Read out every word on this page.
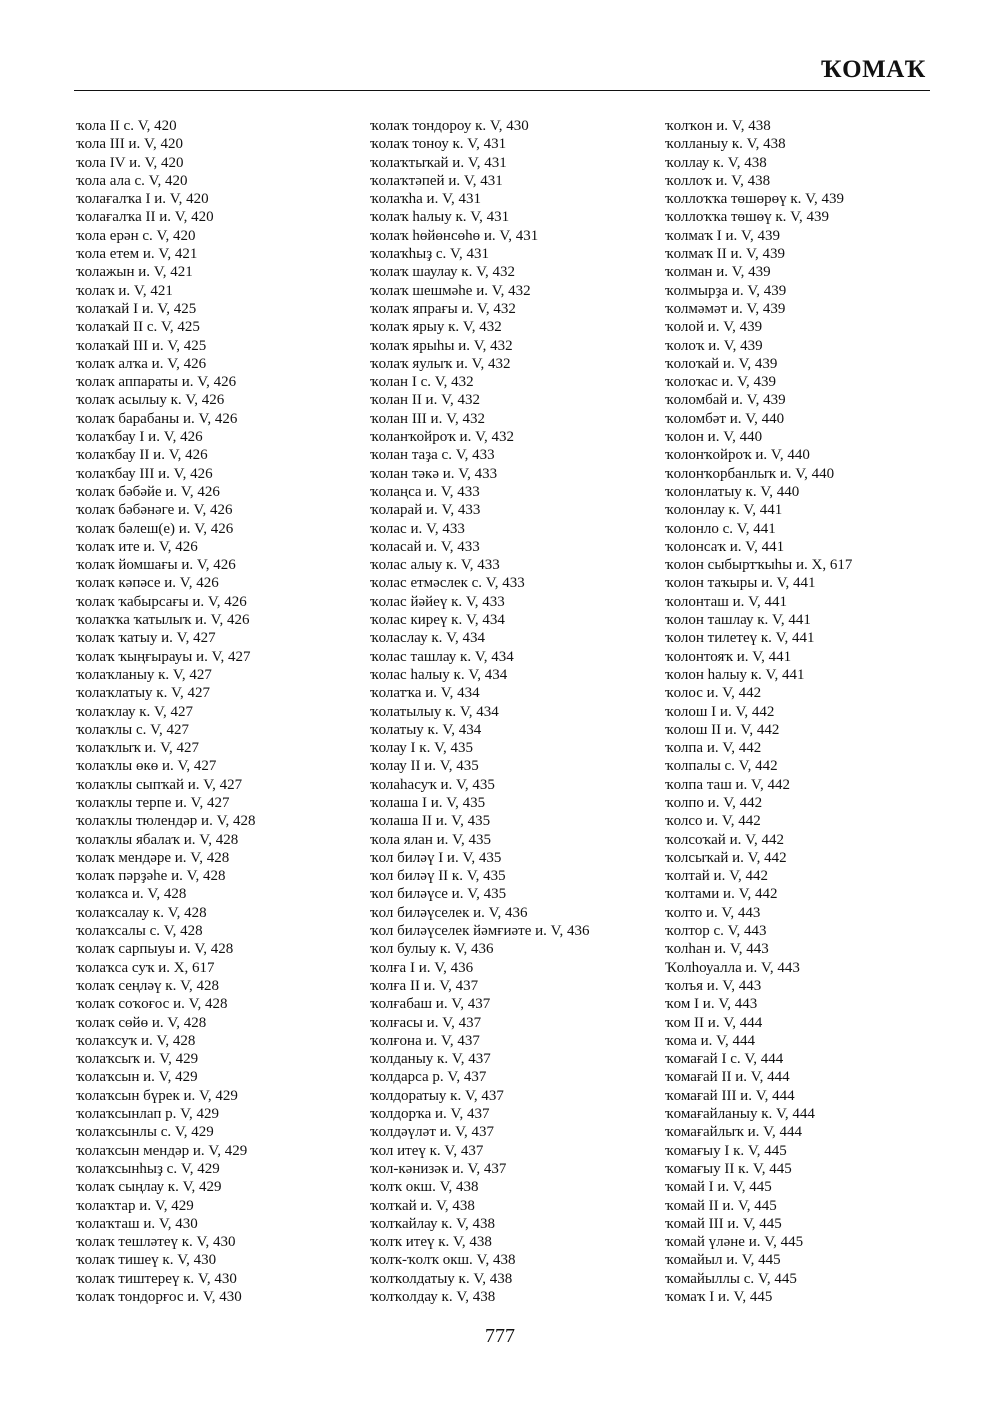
ҠОМАҠ
ҡола II с. V, 420
ҡола III и. V, 420
ҡола IV и. V, 420
ҡола ала с. V, 420
ҡолағалҡа I и. V, 420
ҡолағалҡа II и. V, 420
ҡола ерән с. V, 420
ҡола етем и. V, 421
ҡолажын и. V, 421
ҡолаҡ и. V, 421
ҡолаҡай I и. V, 425
ҡолаҡай II с. V, 425
ҡолаҡай III и. V, 425
ҡолаҡ алҡа и. V, 426
ҡолаҡ аппараты и. V, 426
ҡолаҡ асылыу к. V, 426
ҡолаҡ барабаны и. V, 426
ҡолаҡбау I и. V, 426
ҡолаҡбау II и. V, 426
ҡолаҡбау III и. V, 426
ҡолаҡ бәбәйе и. V, 426
ҡолаҡ бәбәнәге и. V, 426
ҡолаҡ бәлеш(е) и. V, 426
ҡолаҡ ите и. V, 426
ҡолаҡ йомшағы и. V, 426
ҡолаҡ кәпәсе и. V, 426
ҡолаҡ ҡабырсағы и. V, 426
ҡолаҡҡа ҡатылыҡ и. V, 426
ҡолаҡ ҡатыу и. V, 427
ҡолаҡ ҡыңғырауы и. V, 427
ҡолаҡланыу к. V, 427
ҡолаҡлатыу к. V, 427
ҡолаҡлау к. V, 427
ҡолаҡлы с. V, 427
ҡолаҡлыҡ и. V, 427
ҡолаҡлы өкө и. V, 427
ҡолаҡлы сыпҡай и. V, 427
ҡолаҡлы терпе и. V, 427
ҡолаҡлы тюлендәр и. V, 428
ҡолаҡлы ябалаҡ и. V, 428
ҡолаҡ мендәре и. V, 428
ҡолаҡ пәрҙәһе и. V, 428
ҡолаҡса и. V, 428
ҡолаҡсалау к. V, 428
ҡолаҡсалы с. V, 428
ҡолаҡ сарпыуы и. V, 428
ҡолаҡса суҡ и. X, 617
ҡолаҡ сеңләү к. V, 428
ҡолаҡ соҡоғос и. V, 428
ҡолаҡ сөйө и. V, 428
ҡолаҡсуҡ и. V, 428
ҡолаҡсыҡ и. V, 429
ҡолаҡсын и. V, 429
ҡолаҡсын бүрек и. V, 429
ҡолаҡсынлап р. V, 429
ҡолаҡсынлы с. V, 429
ҡолаҡсын мендәр и. V, 429
ҡолаҡсынһыҙ с. V, 429
ҡолаҡ сыңлау к. V, 429
ҡолаҡтар и. V, 429
ҡолаҡташ и. V, 430
ҡолаҡ тешләтеү к. V, 430
ҡолаҡ тишеү к. V, 430
ҡолаҡ тиштереү к. V, 430
ҡолаҡ тондорғос и. V, 430
ҡолаҡ тондороу к. V, 430
ҡолаҡ тоноу к. V, 431
ҡолаҡтыҡай и. V, 431
ҡолаҡтәпей и. V, 431
ҡолаҡһа и. V, 431
ҡолаҡ һалыу к. V, 431
ҡолаҡ һөйөнсөһө и. V, 431
ҡолаҡһыҙ с. V, 431
ҡолаҡ шаулау к. V, 432
ҡолаҡ шешмәһе и. V, 432
ҡолаҡ япрағы и. V, 432
ҡолаҡ ярыу к. V, 432
ҡолаҡ ярыһы и. V, 432
ҡолаҡ яулыҡ и. V, 432
ҡолан I с. V, 432
ҡолан II и. V, 432
ҡолан III и. V, 432
ҡоланҡойроҡ и. V, 432
ҡолан таҙа с. V, 433
ҡолан тәкә и. V, 433
ҡолаңса и. V, 433
ҡоларай и. V, 433
ҡолас и. V, 433
ҡоласай и. V, 433
ҡолас алыу к. V, 433
ҡолас етмәслек с. V, 433
ҡолас йәйеү к. V, 433
ҡолас киреү к. V, 434
ҡоласлау к. V, 434
ҡолас ташлау к. V, 434
ҡолас һалыу к. V, 434
ҡолатҡа и. V, 434
ҡолатылыу к. V, 434
ҡолатыу к. V, 434
ҡолау I к. V, 435
ҡолау II и. V, 435
ҡолаһасуҡ и. V, 435
ҡолаша I и. V, 435
ҡолаша II и. V, 435
ҡола ялан и. V, 435
ҡол биләү I и. V, 435
ҡол биләү II к. V, 435
ҡол биләүсе и. V, 435
ҡол биләүселек и. V, 436
ҡол биләүселек йәмғиәте и. V, 436
ҡол булыу к. V, 436
ҡолға I и. V, 436
ҡолға II и. V, 437
ҡолғабаш и. V, 437
ҡолғасы и. V, 437
ҡолғона и. V, 437
ҡолданыу к. V, 437
ҡолдарса р. V, 437
ҡолдоратыу к. V, 437
ҡолдорҡа и. V, 437
ҡолдәүләт и. V, 437
ҡол итеү к. V, 437
ҡол-кәнизәк и. V, 437
ҡолҡ окш. V, 438
ҡолҡай и. V, 438
ҡолҡайлау к. V, 438
ҡолҡ итеү к. V, 438
ҡолҡ-ҡолҡ окш. V, 438
ҡолҡолдатыу к. V, 438
ҡолҡолдау к. V, 438
ҡолҡон и. V, 438
ҡолланыу к. V, 438
ҡоллау к. V, 438
ҡоллоҡ и. V, 438
ҡоллоҡҡа төшөрөү к. V, 439
ҡоллоҡҡа төшөү к. V, 439
ҡолмаҡ I и. V, 439
ҡолмаҡ II и. V, 439
ҡолман и. V, 439
ҡолмырҙа и. V, 439
ҡолмәмәт и. V, 439
ҡолой и. V, 439
ҡолоҡ и. V, 439
ҡолоҡай и. V, 439
ҡолоҡас и. V, 439
ҡоломбай и. V, 439
ҡоломбәт и. V, 440
ҡолон и. V, 440
ҡолонҡойроҡ и. V, 440
ҡолонҡорбанлыҡ и. V, 440
ҡолонлатыу к. V, 440
ҡолонлау к. V, 441
ҡолонло с. V, 441
ҡолонсаҡ и. V, 441
ҡолон сыбыртҡыһы и. X, 617
ҡолон таҡыры и. V, 441
ҡолонташ и. V, 441
ҡолон ташлау к. V, 441
ҡолон тилетеү к. V, 441
ҡолонтояҡ и. V, 441
ҡолон һалыу к. V, 441
ҡолос и. V, 442
ҡолош I и. V, 442
ҡолош II и. V, 442
ҡолпа и. V, 442
ҡолпалы с. V, 442
ҡолпа таш и. V, 442
ҡолпо и. V, 442
ҡолсо и. V, 442
ҡолсоҡай и. V, 442
ҡолсыҡай и. V, 442
ҡолтай и. V, 442
ҡолтами и. V, 442
ҡолто и. V, 443
ҡолтор с. V, 443
ҡолһан и. V, 443
Ҡолһоуалла и. V, 443
ҡолъя и. V, 443
ҡом I и. V, 443
ҡом II и. V, 444
ҡома и. V, 444
ҡомағай I с. V, 444
ҡомағай II и. V, 444
ҡомағай III и. V, 444
ҡомағайланыу к. V, 444
ҡомағайлыҡ и. V, 444
ҡомағыу I к. V, 445
ҡомағыу II к. V, 445
ҡомай I и. V, 445
ҡомай II и. V, 445
ҡомай III и. V, 445
ҡомай үләне и. V, 445
ҡомайыл и. V, 445
ҡомайыллы с. V, 445
ҡомаҡ I и. V, 445
777
